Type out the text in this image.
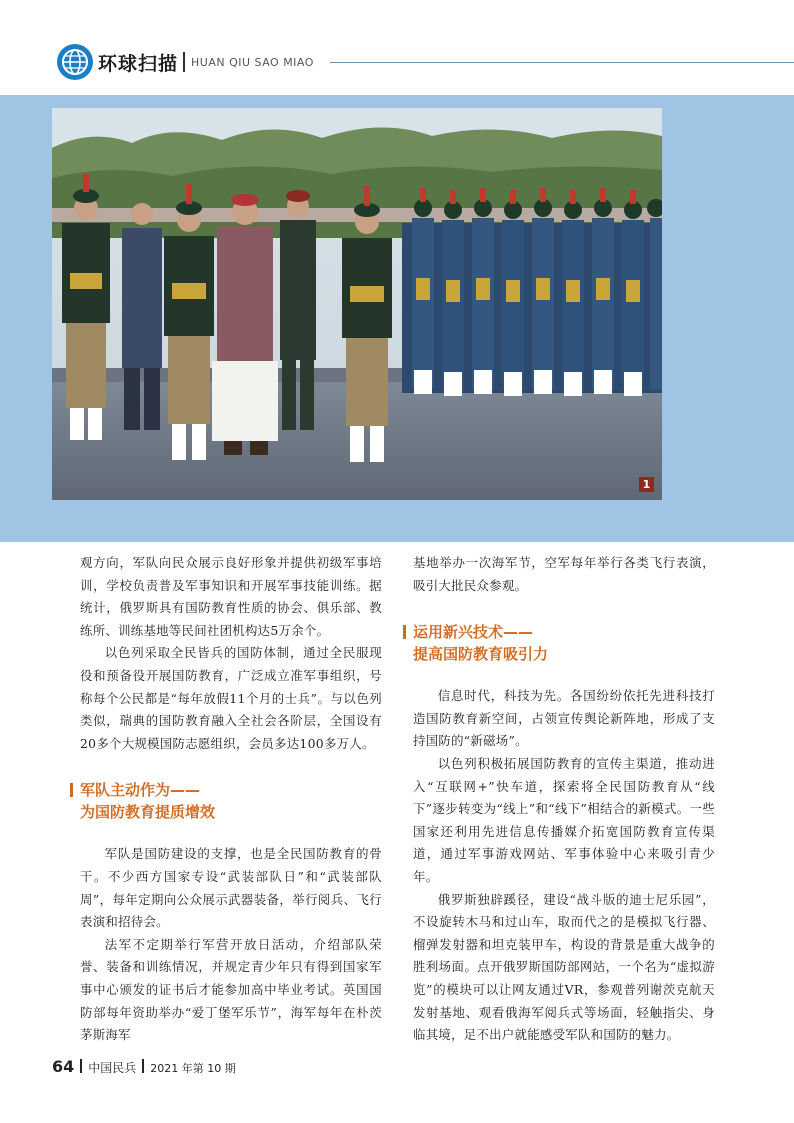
环球扫描 HUAN QIU SAO MIAO
1

观方向，军队向民众展示良好形象并提供初级军事培训，学校负责普及军事知识和开展军事技能训练。据统计，俄罗斯具有国防教育性质的协会、俱乐部、教练所、训练基地等民间社团机构达5万余个。

以色列采取全民皆兵的国防体制，通过全民服现役和预备役开展国防教育，广泛成立准军事组织，号称每个公民都是“每年放假11个月的士兵”。与以色列类似，瑞典的国防教育融入全社会各阶层，全国设有20多个大规模国防志愿组织，会员多达100多万人。

军队主动作为——
为国防教育提质增效

军队是国防建设的支撑，也是全民国防教育的骨干。不少西方国家专设“武装部队日”和“武装部队周”，每年定期向公众展示武器装备，举行阅兵、飞行表演和招待会。

法军不定期举行军营开放日活动，介绍部队荣誉、装备和训练情况，并规定青少年只有得到国家军事中心颁发的证书后才能参加高中毕业考试。英国国防部每年资助举办“爱丁堡军乐节”，海军每年在朴茨茅斯海军

基地举办一次海军节，空军每年举行各类飞行表演，吸引大批民众参观。

运用新兴技术——
提高国防教育吸引力

信息时代，科技为先。各国纷纷依托先进科技打造国防教育新空间，占领宣传舆论新阵地，形成了支持国防的“新磁场”。

以色列积极拓展国防教育的宣传主渠道，推动进入“互联网+”快车道，探索将全民国防教育从“线下”逐步转变为“线上”和“线下”相结合的新模式。一些国家还利用先进信息传播媒介拓宽国防教育宣传渠道，通过军事游戏网站、军事体验中心来吸引青少年。

俄罗斯独辟蹊径，建设“战斗版的迪士尼乐园”，不设旋转木马和过山车，取而代之的是模拟飞行器、榴弹发射器和坦克装甲车，构设的背景是重大战争的胜利场面。点开俄罗斯国防部网站，一个名为“虚拟游览”的模块可以让网友通过VR，参观普列谢茨克航天发射基地、观看俄海军阅兵式等场面，轻触指尖、身临其境，足不出户就能感受军队和国防的魅力。

64 中国民兵 2021 年第 10 期
